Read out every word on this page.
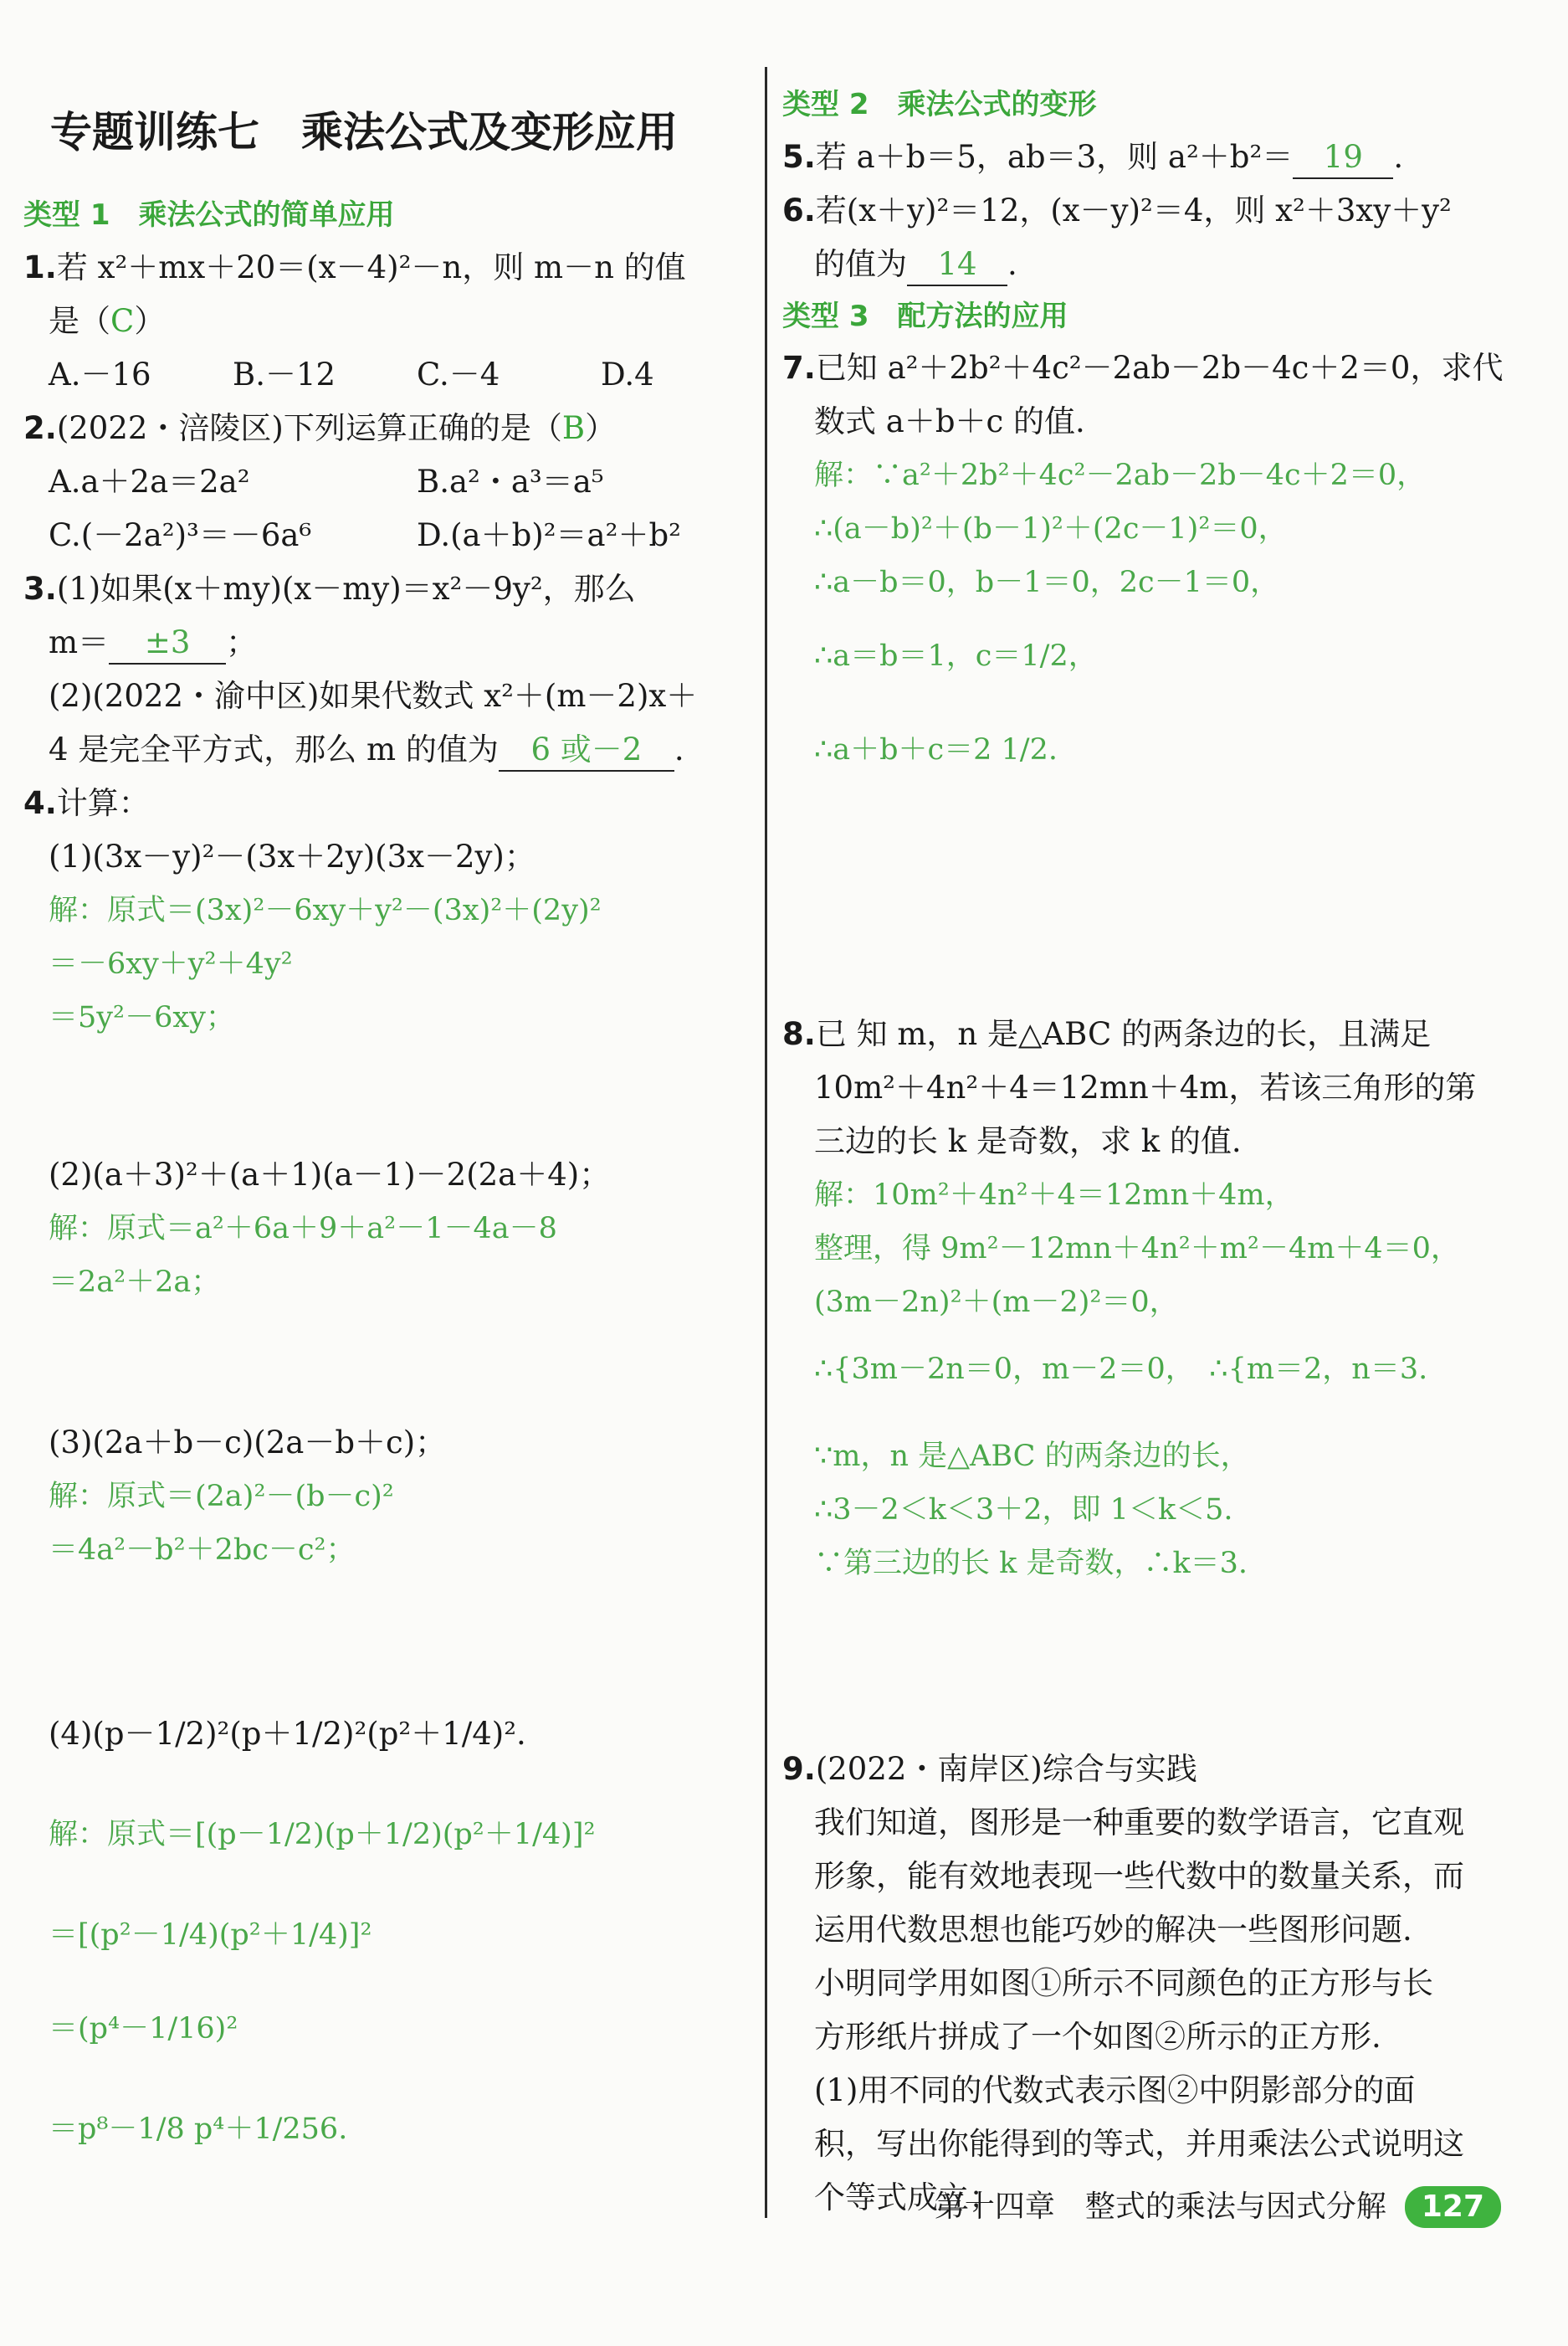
专题训练七　乘法公式及变形应用
类型 1　乘法公式的简单应用
1.若 x²＋mx＋20＝(x－4)²－n，则 m－n 的值
是（C）
A.－16	B.－12	C.－4	D.4
2.(2022・涪陵区)下列运算正确的是（B）
A.a＋2a＝2a²	B.a²・a³＝a⁵
C.(－2a²)³＝－6a⁶	D.(a＋b)²＝a²＋b²
3.(1)如果(x＋my)(x－my)＝x²－9y²，那么
m＝ ±3 ；
(2)(2022・渝中区)如果代数式 x²＋(m－2)x＋
4 是完全平方式，那么 m 的值为 6 或－2 .
4.计算：
(1)(3x－y)²－(3x＋2y)(3x－2y)；
解：原式＝(3x)²－6xy＋y²－(3x)²＋(2y)²
＝－6xy＋y²＋4y²
＝5y²－6xy；
(2)(a＋3)²＋(a＋1)(a－1)－2(2a＋4)；
解：原式＝a²＋6a＋9＋a²－1－4a－8
＝2a²＋2a；
(3)(2a＋b－c)(2a－b＋c)；
解：原式＝(2a)²－(b－c)²
＝4a²－b²＋2bc－c²；
(4)(p－1/2)²(p＋1/2)²(p²＋1/4)².
解：原式＝[(p－1/2)(p＋1/2)(p²＋1/4)]²
＝[(p²－1/4)(p²＋1/4)]²
＝(p⁴－1/16)²
＝p⁸－1/8 p⁴＋1/256.
类型 2　乘法公式的变形
5.若 a＋b＝5，ab＝3，则 a²＋b²＝ 19 .
6.若(x＋y)²＝12，(x－y)²＝4，则 x²＋3xy＋y²
的值为 14 .
类型 3　配方法的应用
7.已知 a²＋2b²＋4c²－2ab－2b－4c＋2＝0，求代
数式 a＋b＋c 的值.
解：∵a²＋2b²＋4c²－2ab－2b－4c＋2＝0，
∴(a－b)²＋(b－1)²＋(2c－1)²＝0，
∴a－b＝0，b－1＝0，2c－1＝0，
∴a＝b＝1，c＝1/2，
∴a＋b＋c＝2 1/2.
8.已 知 m，n 是△ABC 的两条边的长，且满足
10m²＋4n²＋4＝12mn＋4m，若该三角形的第
三边的长 k 是奇数，求 k 的值.
解：10m²＋4n²＋4＝12mn＋4m，
整理，得 9m²－12mn＋4n²＋m²－4m＋4＝0，
(3m－2n)²＋(m－2)²＝0，
∴{3m－2n＝0，m－2＝0，　∴{m＝2，n＝3.
∵m，n 是△ABC 的两条边的长，
∴3－2＜k＜3＋2，即 1＜k＜5.
∵第三边的长 k 是奇数，∴k＝3.
9.(2022・南岸区)综合与实践
我们知道，图形是一种重要的数学语言，它直观
形象，能有效地表现一些代数中的数量关系，而
运用代数思想也能巧妙的解决一些图形问题.
小明同学用如图①所示不同颜色的正方形与长
方形纸片拼成了一个如图②所示的正方形.
(1)用不同的代数式表示图②中阴影部分的面
积，写出你能得到的等式，并用乘法公式说明这
个等式成立；
第十四章　整式的乘法与因式分解 127
